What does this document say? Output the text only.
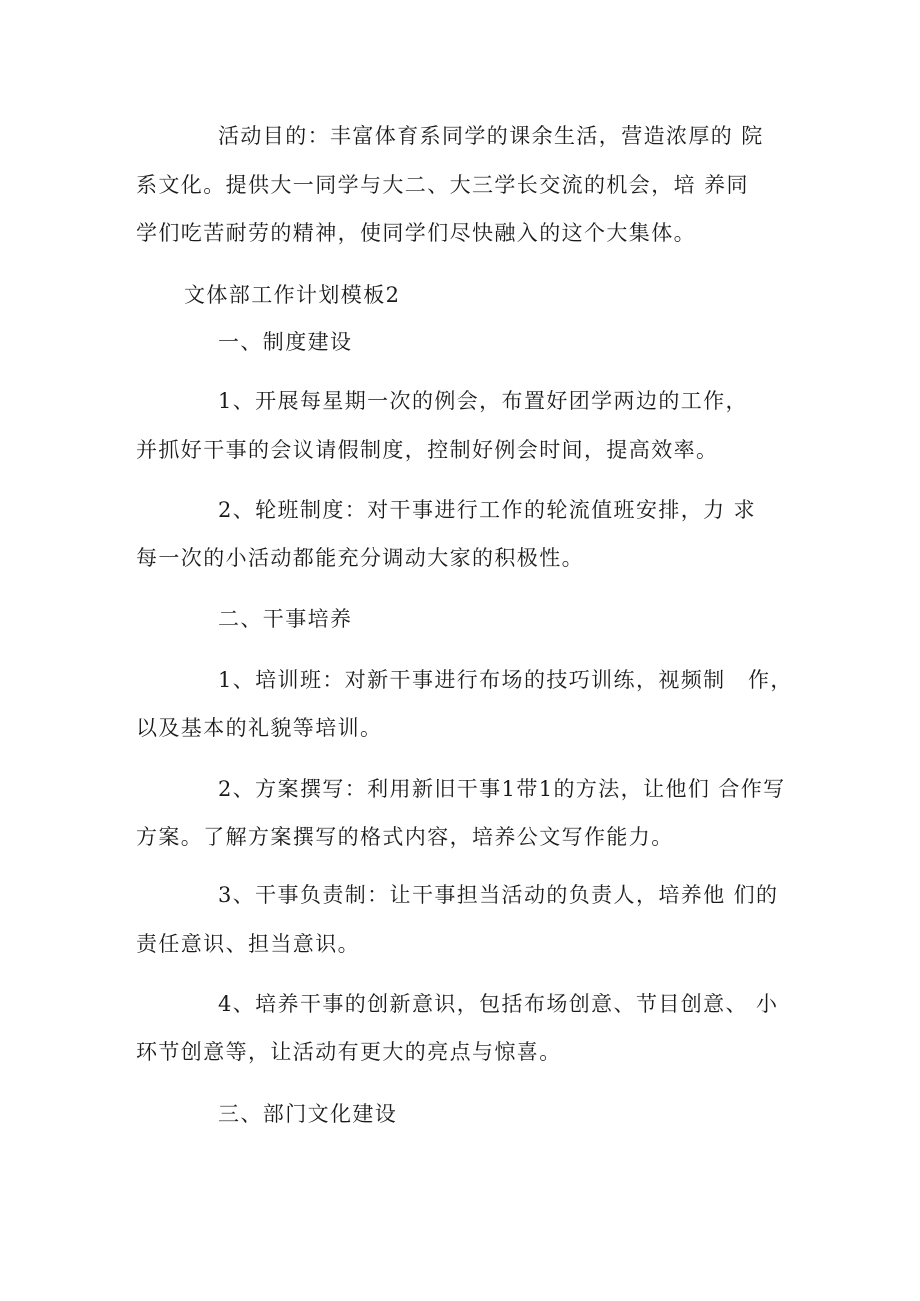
活动目的：丰富体育系同学的课余生活，营造浓厚的 院
系文化。提供大一同学与大二、大三学长交流的机会，培 养同
学们吃苦耐劳的精神，使同学们尽快融入的这个大集体。
文体部工作计划模板2
一、制度建设
1、开展每星期一次的例会，布置好团学两边的工作，
并抓好干事的会议请假制度，控制好例会时间，提高效率。
2、轮班制度：对干事进行工作的轮流值班安排，力 求
每一次的小活动都能充分调动大家的积极性。
二、干事培养
1、培训班：对新干事进行布场的技巧训练，视频制　作，
以及基本的礼貌等培训。
2、方案撰写：利用新旧干事1带1的方法，让他们 合作写
方案。了解方案撰写的格式内容，培养公文写作能力。
3、干事负责制：让干事担当活动的负责人，培养他 们的
责任意识、担当意识。
4、培养干事的创新意识，包括布场创意、节目创意、 小
环节创意等，让活动有更大的亮点与惊喜。
三、部门文化建设
